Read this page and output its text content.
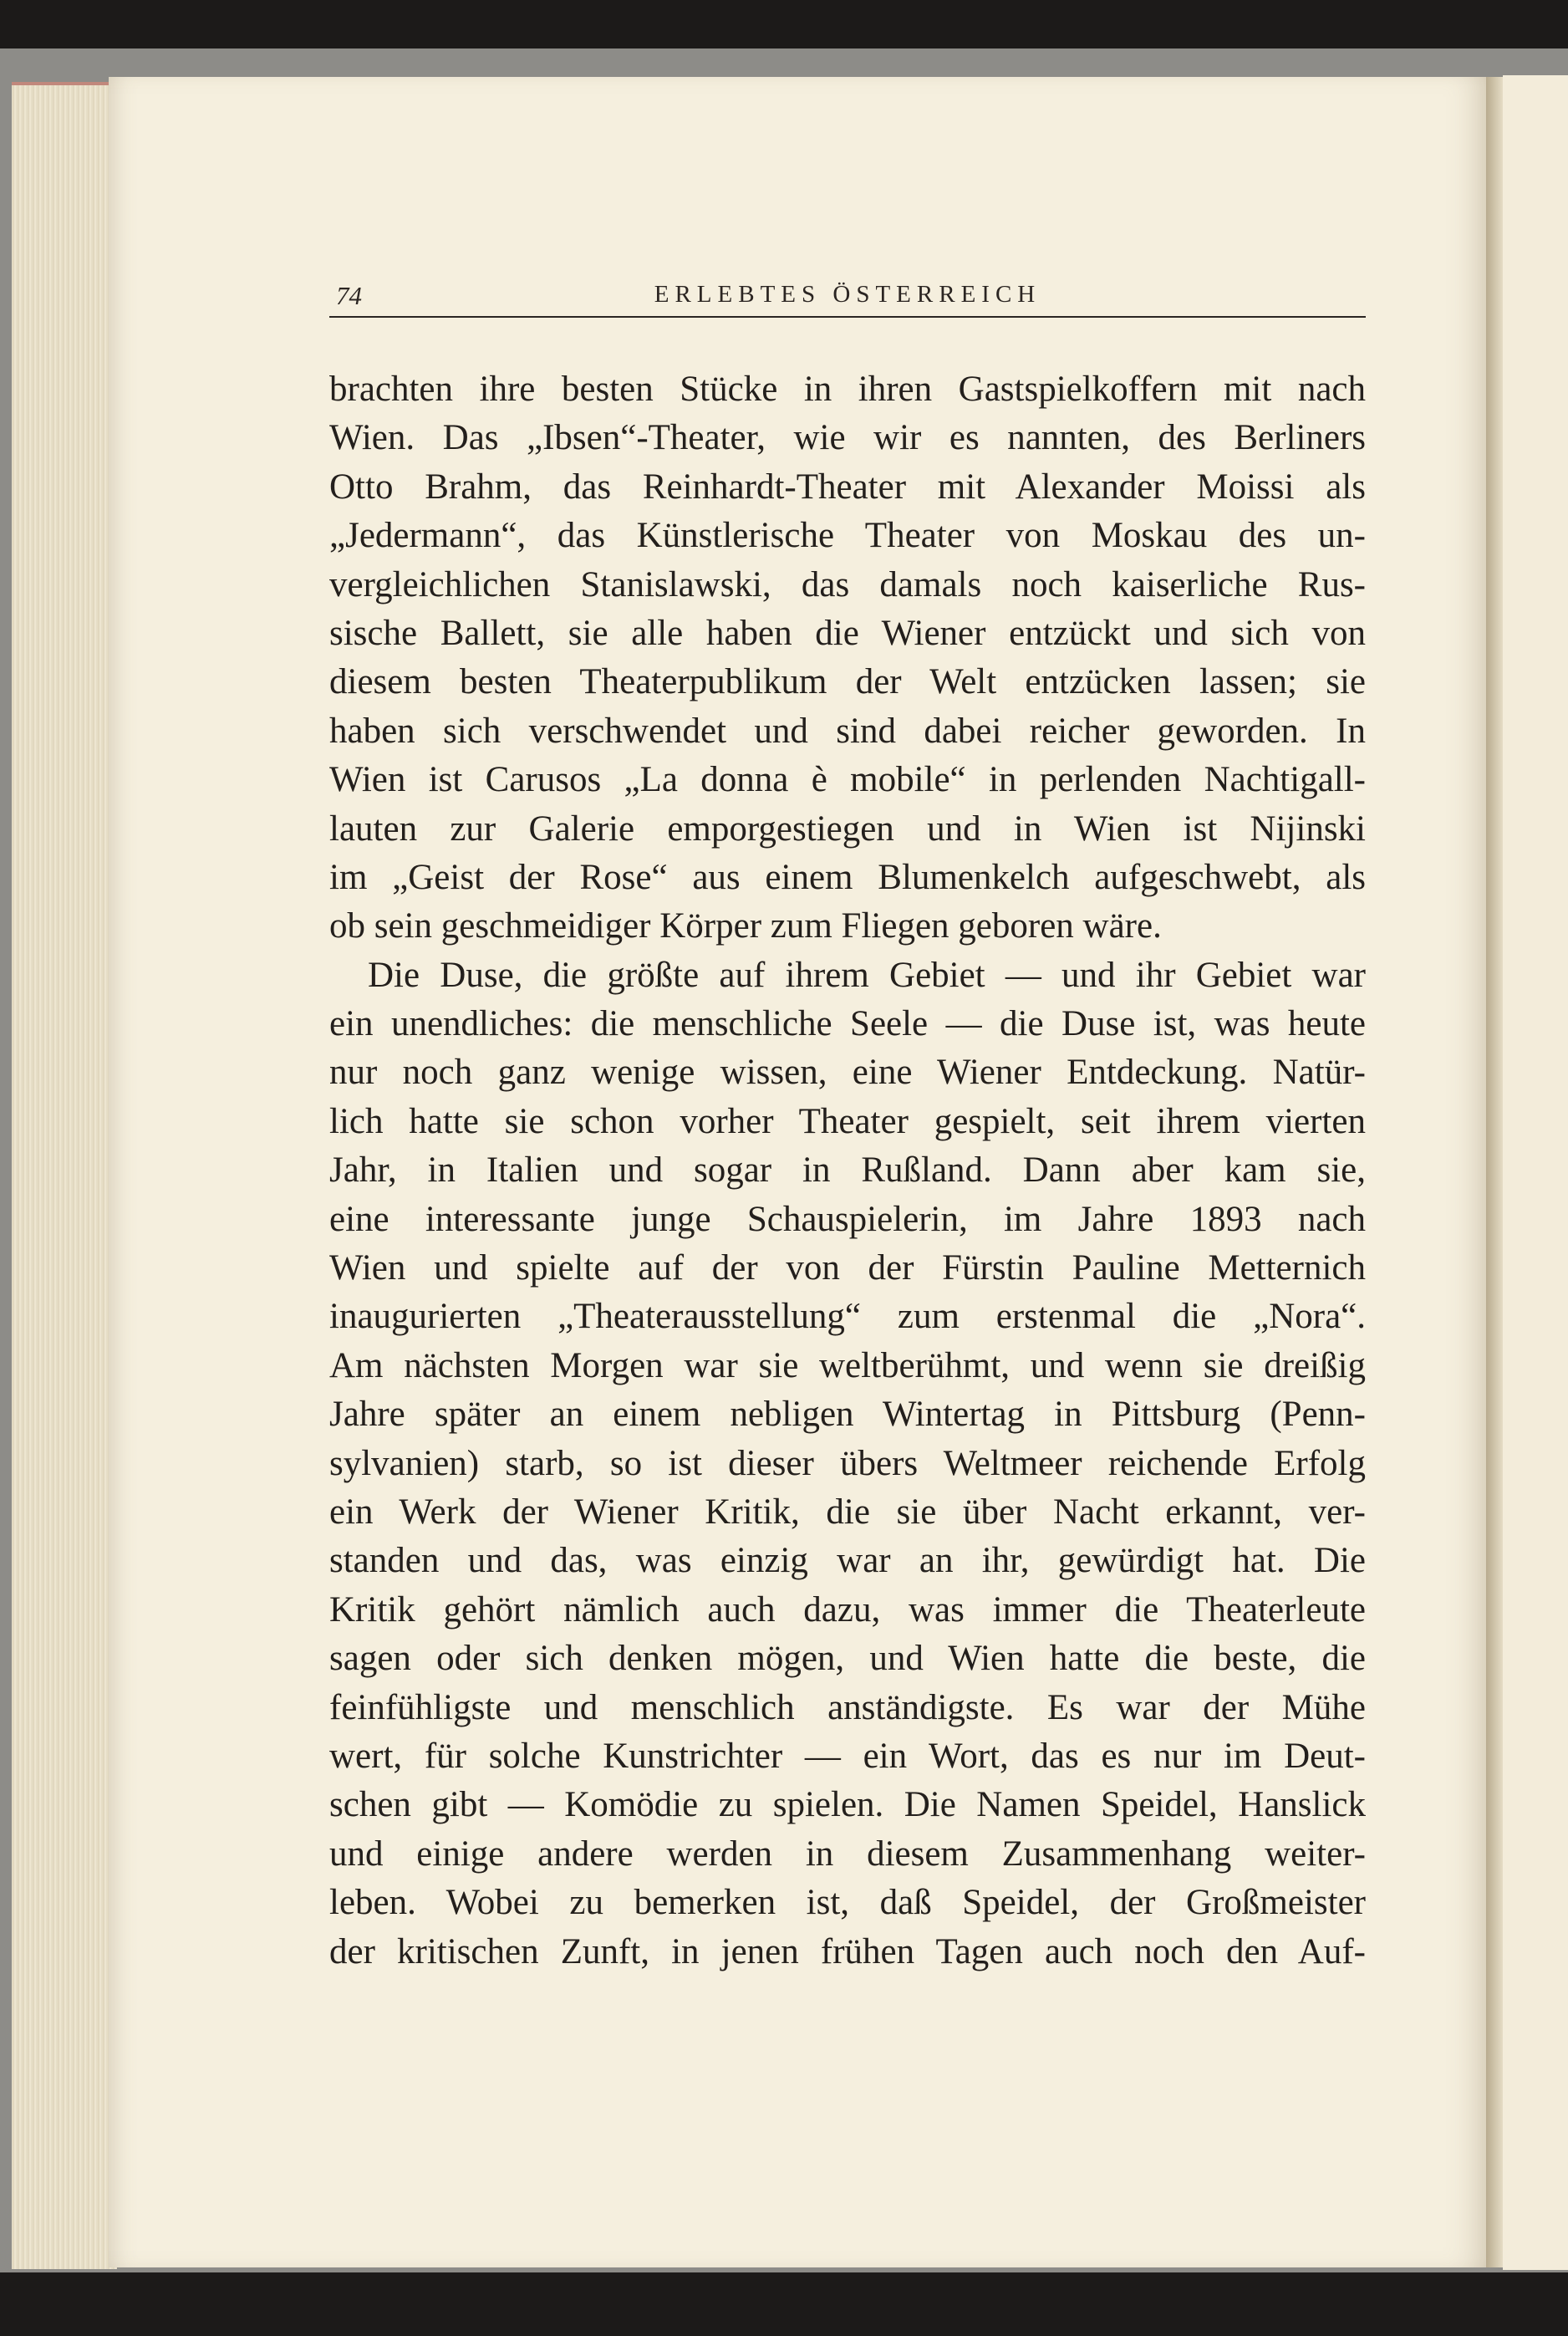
74	ERLEBTES ÖSTERREICH
brachten ihre besten Stücke in ihren Gastspielkoffern mit nach
Wien. Das „Ibsen“-Theater, wie wir es nannten, des Berliners
Otto Brahm, das Reinhardt-Theater mit Alexander Moissi als
„Jedermann“, das Künstlerische Theater von Moskau des un-
vergleichlichen Stanislawski, das damals noch kaiserliche Rus-
sische Ballett, sie alle haben die Wiener entzückt und sich von
diesem besten Theaterpublikum der Welt entzücken lassen; sie
haben sich verschwendet und sind dabei reicher geworden. In
Wien ist Carusos „La donna è mobile“ in perlenden Nachtigall-
lauten zur Galerie emporgestiegen und in Wien ist Nijinski
im „Geist der Rose“ aus einem Blumenkelch aufgeschwebt, als
ob sein geschmeidiger Körper zum Fliegen geboren wäre.
Die Duse, die größte auf ihrem Gebiet — und ihr Gebiet war
ein unendliches: die menschliche Seele — die Duse ist, was heute
nur noch ganz wenige wissen, eine Wiener Entdeckung. Natür-
lich hatte sie schon vorher Theater gespielt, seit ihrem vierten
Jahr, in Italien und sogar in Rußland. Dann aber kam sie,
eine interessante junge Schauspielerin, im Jahre 1893 nach
Wien und spielte auf der von der Fürstin Pauline Metternich
inaugurierten „Theaterausstellung“ zum erstenmal die „Nora“.
Am nächsten Morgen war sie weltberühmt, und wenn sie dreißig
Jahre später an einem nebligen Wintertag in Pittsburg (Penn-
sylvanien) starb, so ist dieser übers Weltmeer reichende Erfolg
ein Werk der Wiener Kritik, die sie über Nacht erkannt, ver-
standen und das, was einzig war an ihr, gewürdigt hat. Die
Kritik gehört nämlich auch dazu, was immer die Theaterleute
sagen oder sich denken mögen, und Wien hatte die beste, die
feinfühligste und menschlich anständigste. Es war der Mühe
wert, für solche Kunstrichter — ein Wort, das es nur im Deut-
schen gibt — Komödie zu spielen. Die Namen Speidel, Hanslick
und einige andere werden in diesem Zusammenhang weiter-
leben. Wobei zu bemerken ist, daß Speidel, der Großmeister
der kritischen Zunft, in jenen frühen Tagen auch noch den Auf-
